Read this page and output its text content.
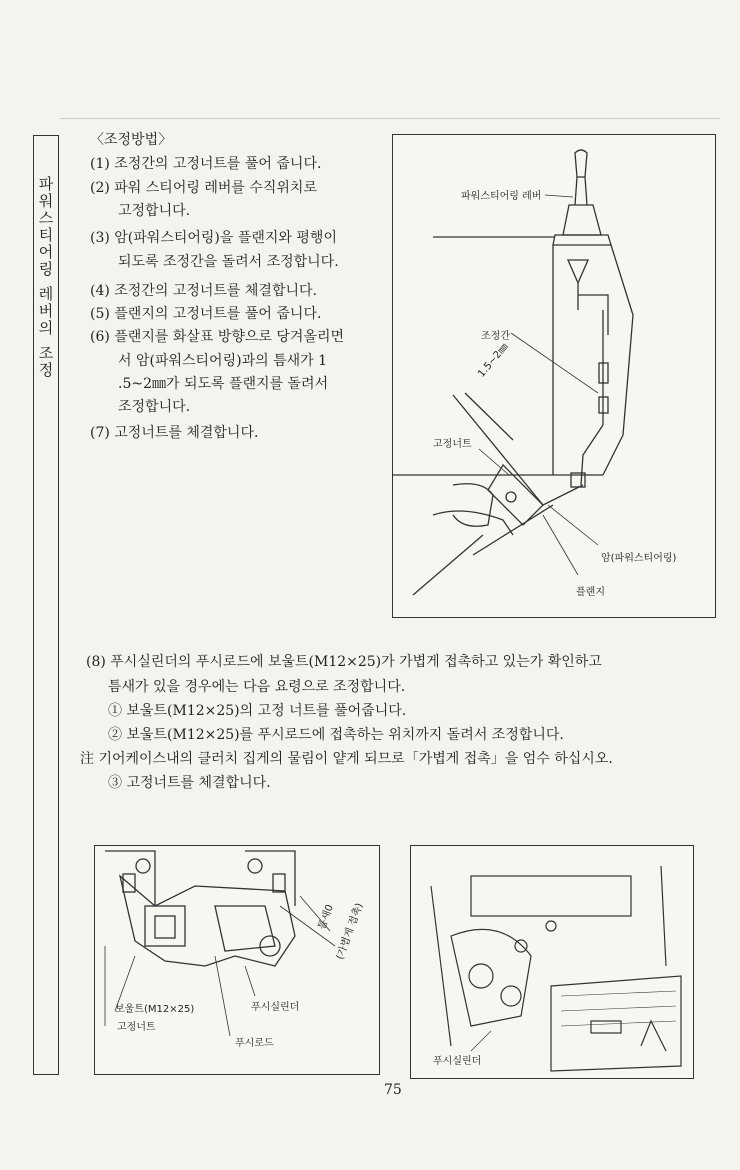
파
워
스
티
어
링
레
버
의
조
정
〈조정방법〉
(1) 조정간의 고정너트를 풀어 줍니다.
(2) 파워 스티어링 레버를 수직위치로
고정합니다.
(3) 암(파워스티어링)을 플랜지와 평행이
되도록 조정간을 돌려서 조정합니다.
(4) 조정간의 고정너트를 체결합니다.
(5) 플랜지의 고정너트를 풀어 줍니다.
(6) 플랜지를 화살표 방향으로 당겨올리면
서 암(파워스티어링)과의 틈새가 1
.5~2㎜가 되도록 플랜지를 돌려서
조정합니다.
(7) 고정너트를 체결합니다.
파워스티어링 레버
조정간
1.5~2㎜
고정너트
암(파워스티어링)
플랜지
(8) 푸시실린더의 푸시로드에 보울트(M12×25)가 가볍게 접촉하고 있는가 확인하고
틈새가 있을 경우에는 다음 요령으로 조정합니다.
① 보울트(M12×25)의 고정 너트를 풀어줍니다.
② 보울트(M12×25)를 푸시로드에 접촉하는 위치까지 돌려서 조정합니다.
注 기어케이스내의 클러치 집게의 물림이 얕게 되므로「가볍게 접촉」을 엄수 하십시오.
③ 고정너트를 체결합니다.
보울트(M12×25)
고정너트
푸시실린더
푸시로드
틈새0
(가볍게 접촉)
푸시실린더
75
